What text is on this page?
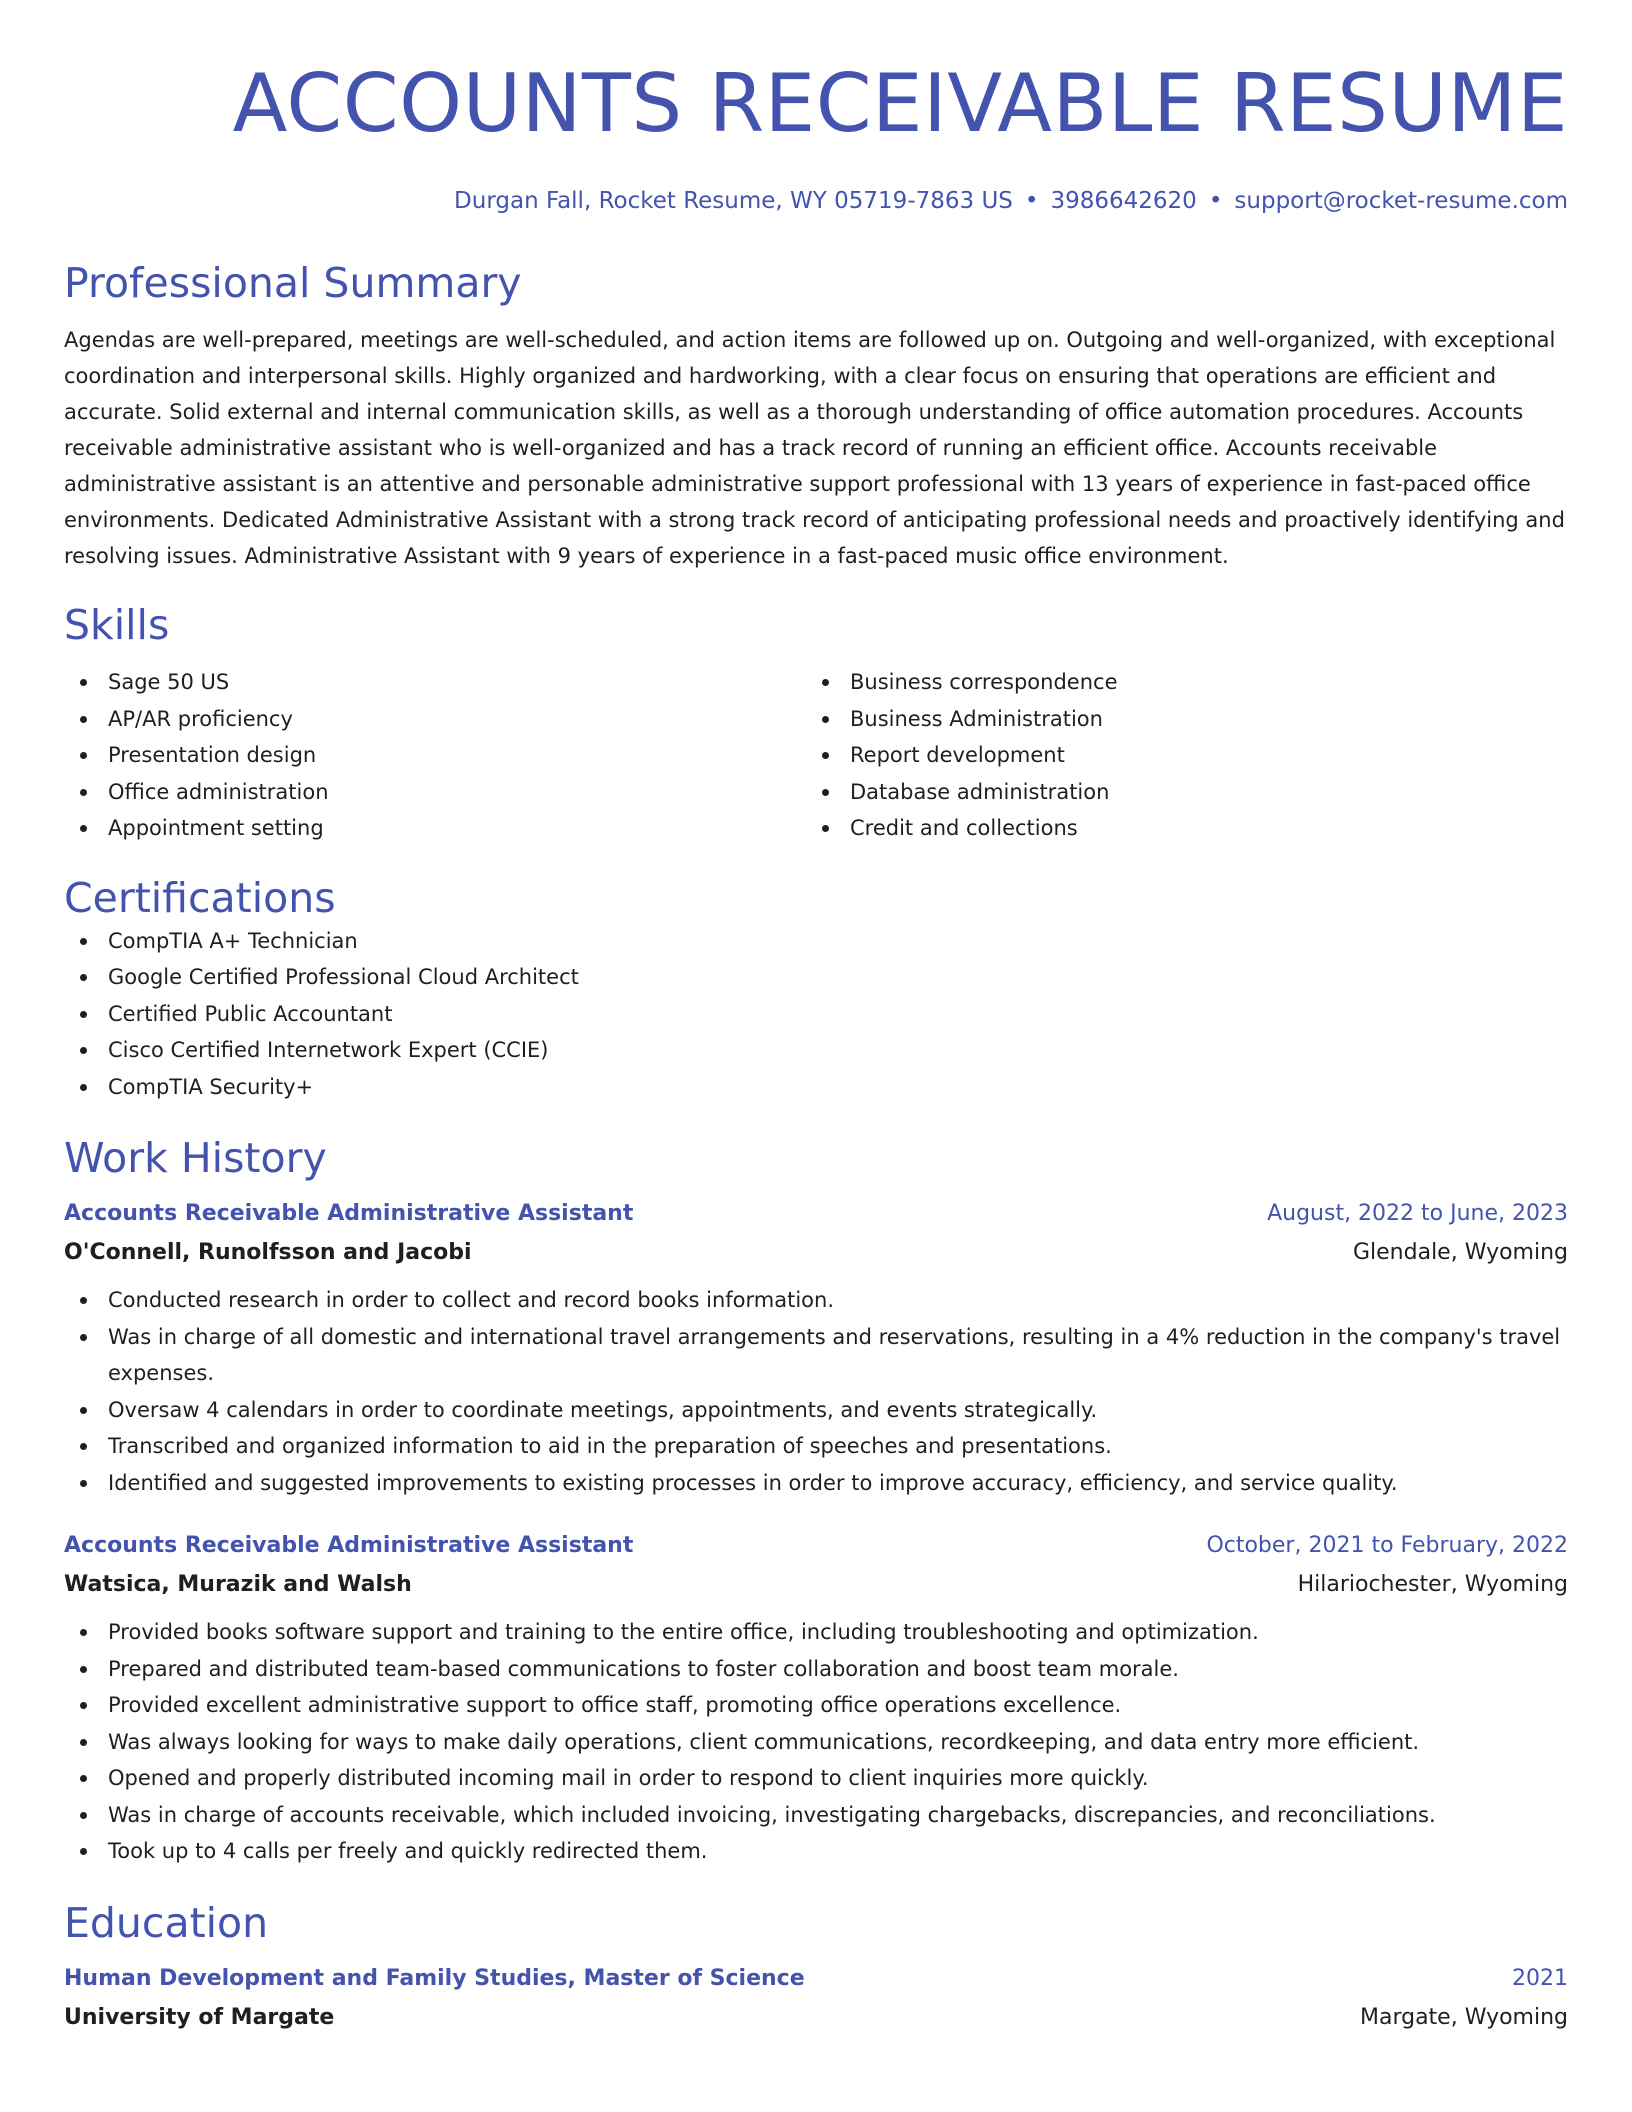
ACCOUNTS RECEIVABLE RESUME
Durgan Fall, Rocket Resume, WY 05719-7863 US • 3986642620 • support@rocket-resume.com
Professional Summary

Agendas are well-prepared, meetings are well-scheduled, and action items are followed up on. Outgoing and well-organized, with exceptional coordination and interpersonal skills. Highly organized and hardworking, with a clear focus on ensuring that operations are efficient and accurate. Solid external and internal communication skills, as well as a thorough understanding of office automation procedures. Accounts receivable administrative assistant who is well-organized and has a track record of running an efficient office. Accounts receivable administrative assistant is an attentive and personable administrative support professional with 13 years of experience in fast-paced office environments. Dedicated Administrative Assistant with a strong track record of anticipating professional needs and proactively identifying and resolving issues. Administrative Assistant with 9 years of experience in a fast-paced music office environment.

Skills
Sage 50 US
AP/AR proficiency
Presentation design
Office administration
Appointment setting
Business correspondence
Business Administration
Report development
Database administration
Credit and collections
Certifications
CompTIA A+ Technician
Google Certified Professional Cloud Architect
Certified Public Accountant
Cisco Certified Internetwork Expert (CCIE)
CompTIA Security+
Work History
Accounts Receivable Administrative Assistant	August, 2022 to June, 2023
O'Connell, Runolfsson and Jacobi	Glendale, Wyoming
Conducted research in order to collect and record books information.
Was in charge of all domestic and international travel arrangements and reservations, resulting in a 4% reduction in the company's travel expenses.
Oversaw 4 calendars in order to coordinate meetings, appointments, and events strategically.
Transcribed and organized information to aid in the preparation of speeches and presentations.
Identified and suggested improvements to existing processes in order to improve accuracy, efficiency, and service quality.
Accounts Receivable Administrative Assistant	October, 2021 to February, 2022
Watsica, Murazik and Walsh	Hilariochester, Wyoming
Provided books software support and training to the entire office, including troubleshooting and optimization.
Prepared and distributed team-based communications to foster collaboration and boost team morale.
Provided excellent administrative support to office staff, promoting office operations excellence.
Was always looking for ways to make daily operations, client communications, recordkeeping, and data entry more efficient.
Opened and properly distributed incoming mail in order to respond to client inquiries more quickly.
Was in charge of accounts receivable, which included invoicing, investigating chargebacks, discrepancies, and reconciliations.
Took up to 4 calls per freely and quickly redirected them.
Education
Human Development and Family Studies, Master of Science	2021
University of Margate	Margate, Wyoming
